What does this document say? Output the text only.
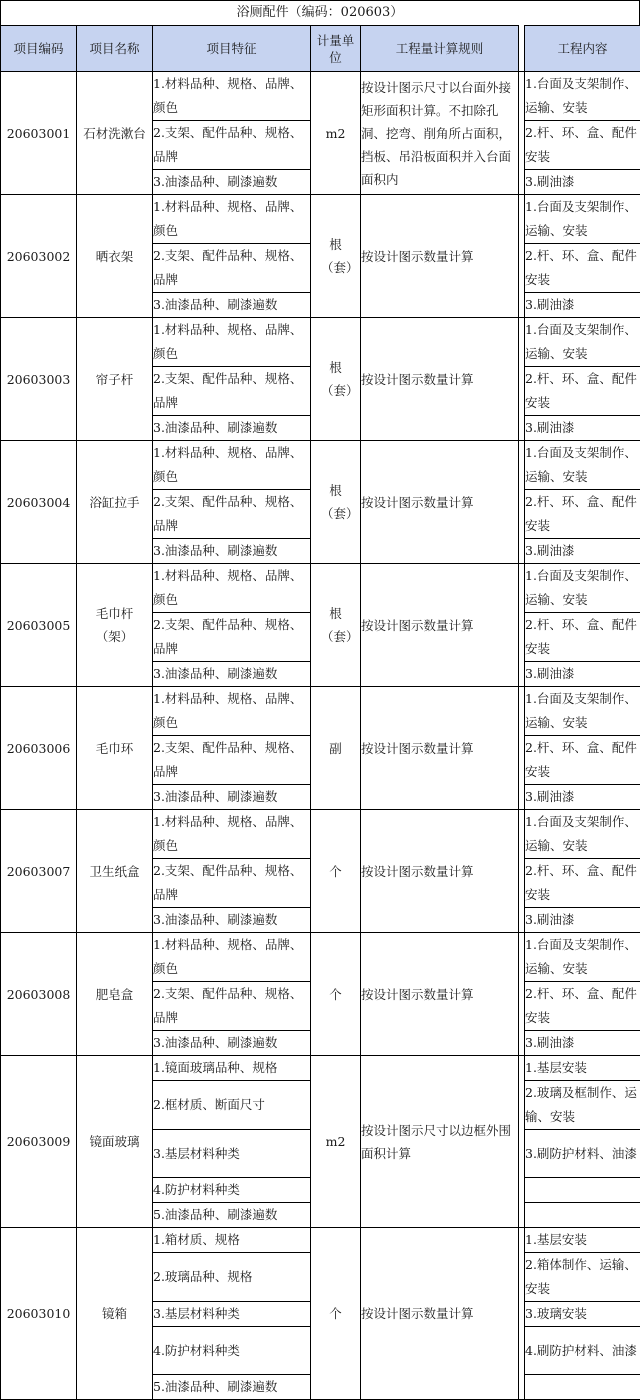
浴厕配件（编码：020603）
项目编码	项目名称	项目特征	计量单位	工程量计算规则		工程内容
20603001	石材洗漱台	1.材料品种、规格、品牌、颜色	m2	按设计图示尺寸以台面外接矩形面积计算。不扣除孔洞、挖弯、削角所占面积，挡板、吊沿板面积并入台面面积内		1.台面及支架制作、运输、安装

		2.支架、配件品种、规格、品牌				2.杆、环、盒、配件安装

		3.油漆品种、刷漆遍数				3.刷油漆
20603002	晒衣架	1.材料品种、规格、品牌、颜色	根（套）	按设计图示数量计算		1.台面及支架制作、运输、安装

		2.支架、配件品种、规格、品牌				2.杆、环、盒、配件安装

		3.油漆品种、刷漆遍数				3.刷油漆
20603003	帘子杆	1.材料品种、规格、品牌、颜色	根（套）	按设计图示数量计算		1.台面及支架制作、运输、安装

		2.支架、配件品种、规格、品牌				2.杆、环、盒、配件安装

		3.油漆品种、刷漆遍数				3.刷油漆
20603004	浴缸拉手	1.材料品种、规格、品牌、颜色	根（套）	按设计图示数量计算		1.台面及支架制作、运输、安装

		2.支架、配件品种、规格、品牌				2.杆、环、盒、配件安装

		3.油漆品种、刷漆遍数				3.刷油漆
20603005	毛巾杆（架）	1.材料品种、规格、品牌、颜色	根（套）	按设计图示数量计算		1.台面及支架制作、运输、安装

		2.支架、配件品种、规格、品牌				2.杆、环、盒、配件安装

		3.油漆品种、刷漆遍数				3.刷油漆
20603006	毛巾环	1.材料品种、规格、品牌、颜色	副	按设计图示数量计算		1.台面及支架制作、运输、安装

		2.支架、配件品种、规格、品牌				2.杆、环、盒、配件安装

		3.油漆品种、刷漆遍数				3.刷油漆
20603007	卫生纸盒	1.材料品种、规格、品牌、颜色	个	按设计图示数量计算		1.台面及支架制作、运输、安装

		2.支架、配件品种、规格、品牌				2.杆、环、盒、配件安装

		3.油漆品种、刷漆遍数				3.刷油漆
20603008	肥皂盒	1.材料品种、规格、品牌、颜色	个	按设计图示数量计算		1.台面及支架制作、运输、安装

		2.支架、配件品种、规格、品牌				2.杆、环、盒、配件安装

		3.油漆品种、刷漆遍数				3.刷油漆
20603009	镜面玻璃	1.镜面玻璃品种、规格	m2	按设计图示尺寸以边框外围面积计算		1.基层安装
		2.框材质、断面尺寸				2.玻璃及框制作、运输、安装

		3.基层材料种类				3.刷防护材料、油漆

		4.防护材料种类				
		5.油漆品种、刷漆遍数				
20603010	镜箱	1.箱材质、规格	个	按设计图示数量计算		1.基层安装
		2.玻璃品种、规格				2.箱体制作、运输、安装

		3.基层材料种类				3.玻璃安装
		4.防护材料种类				4.刷防护材料、油漆

		5.油漆品种、刷漆遍数				
